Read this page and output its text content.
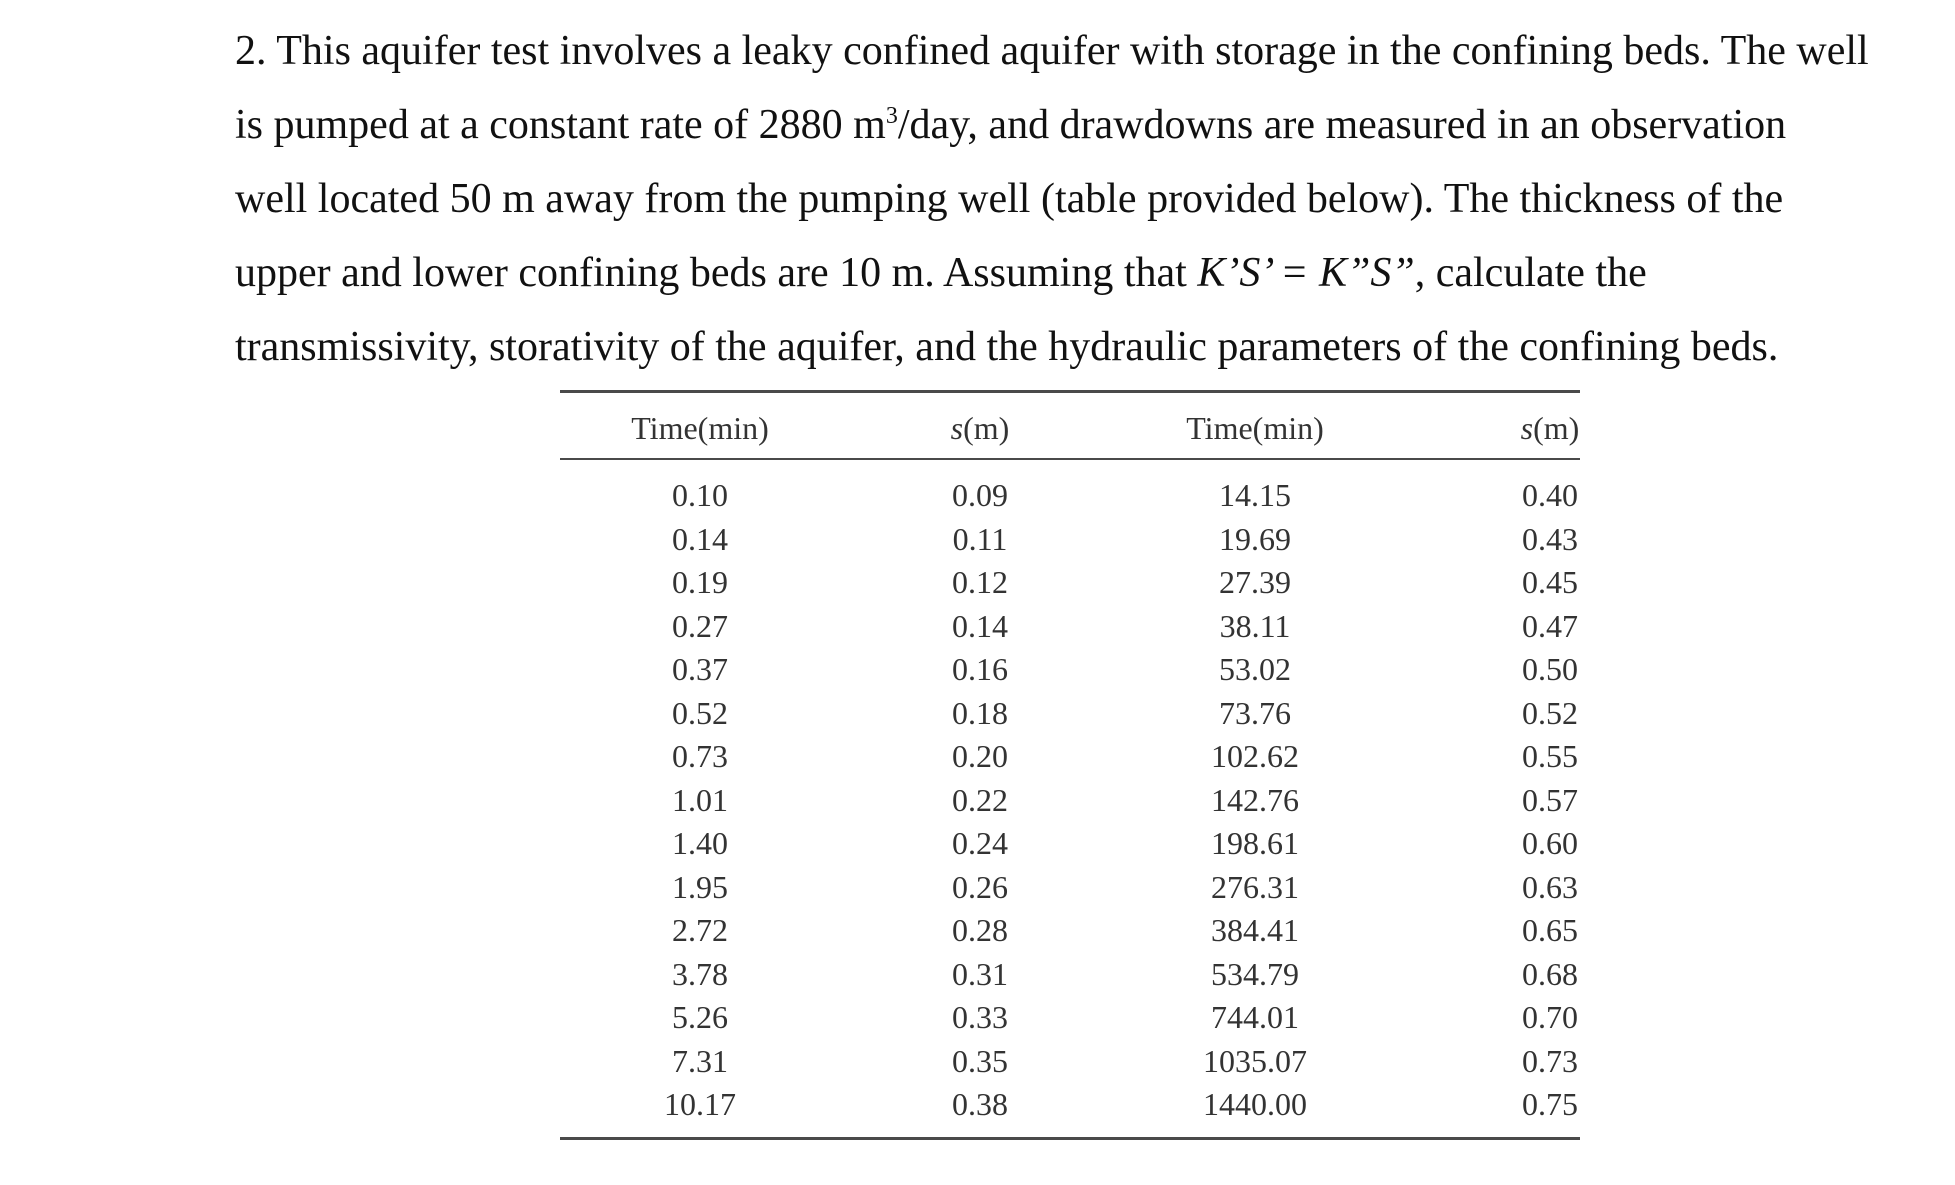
2. This aquifer test involves a leaky confined aquifer with storage in the confining beds. The well
is pumped at a constant rate of 2880 $m^3$/day, and drawdowns are measured in an observation
well located 50 m away from the pumping well (table provided below). The thickness of the
upper and lower confining beds are 10 m. Assuming that K’S’ = K”S”, calculate the
transmissivity, storativity of the aquifer, and the hydraulic parameters of the confining beds.
Time(min)	s(m)	Time(min)	s(m)
0.10	0.09	14.15	0.40
0.14	0.11	19.69	0.43
0.19	0.12	27.39	0.45
0.27	0.14	38.11	0.47
0.37	0.16	53.02	0.50
0.52	0.18	73.76	0.52
0.73	0.20	102.62	0.55
1.01	0.22	142.76	0.57
1.40	0.24	198.61	0.60
1.95	0.26	276.31	0.63
2.72	0.28	384.41	0.65
3.78	0.31	534.79	0.68
5.26	0.33	744.01	0.70
7.31	0.35	1035.07	0.73
10.17	0.38	1440.00	0.75
